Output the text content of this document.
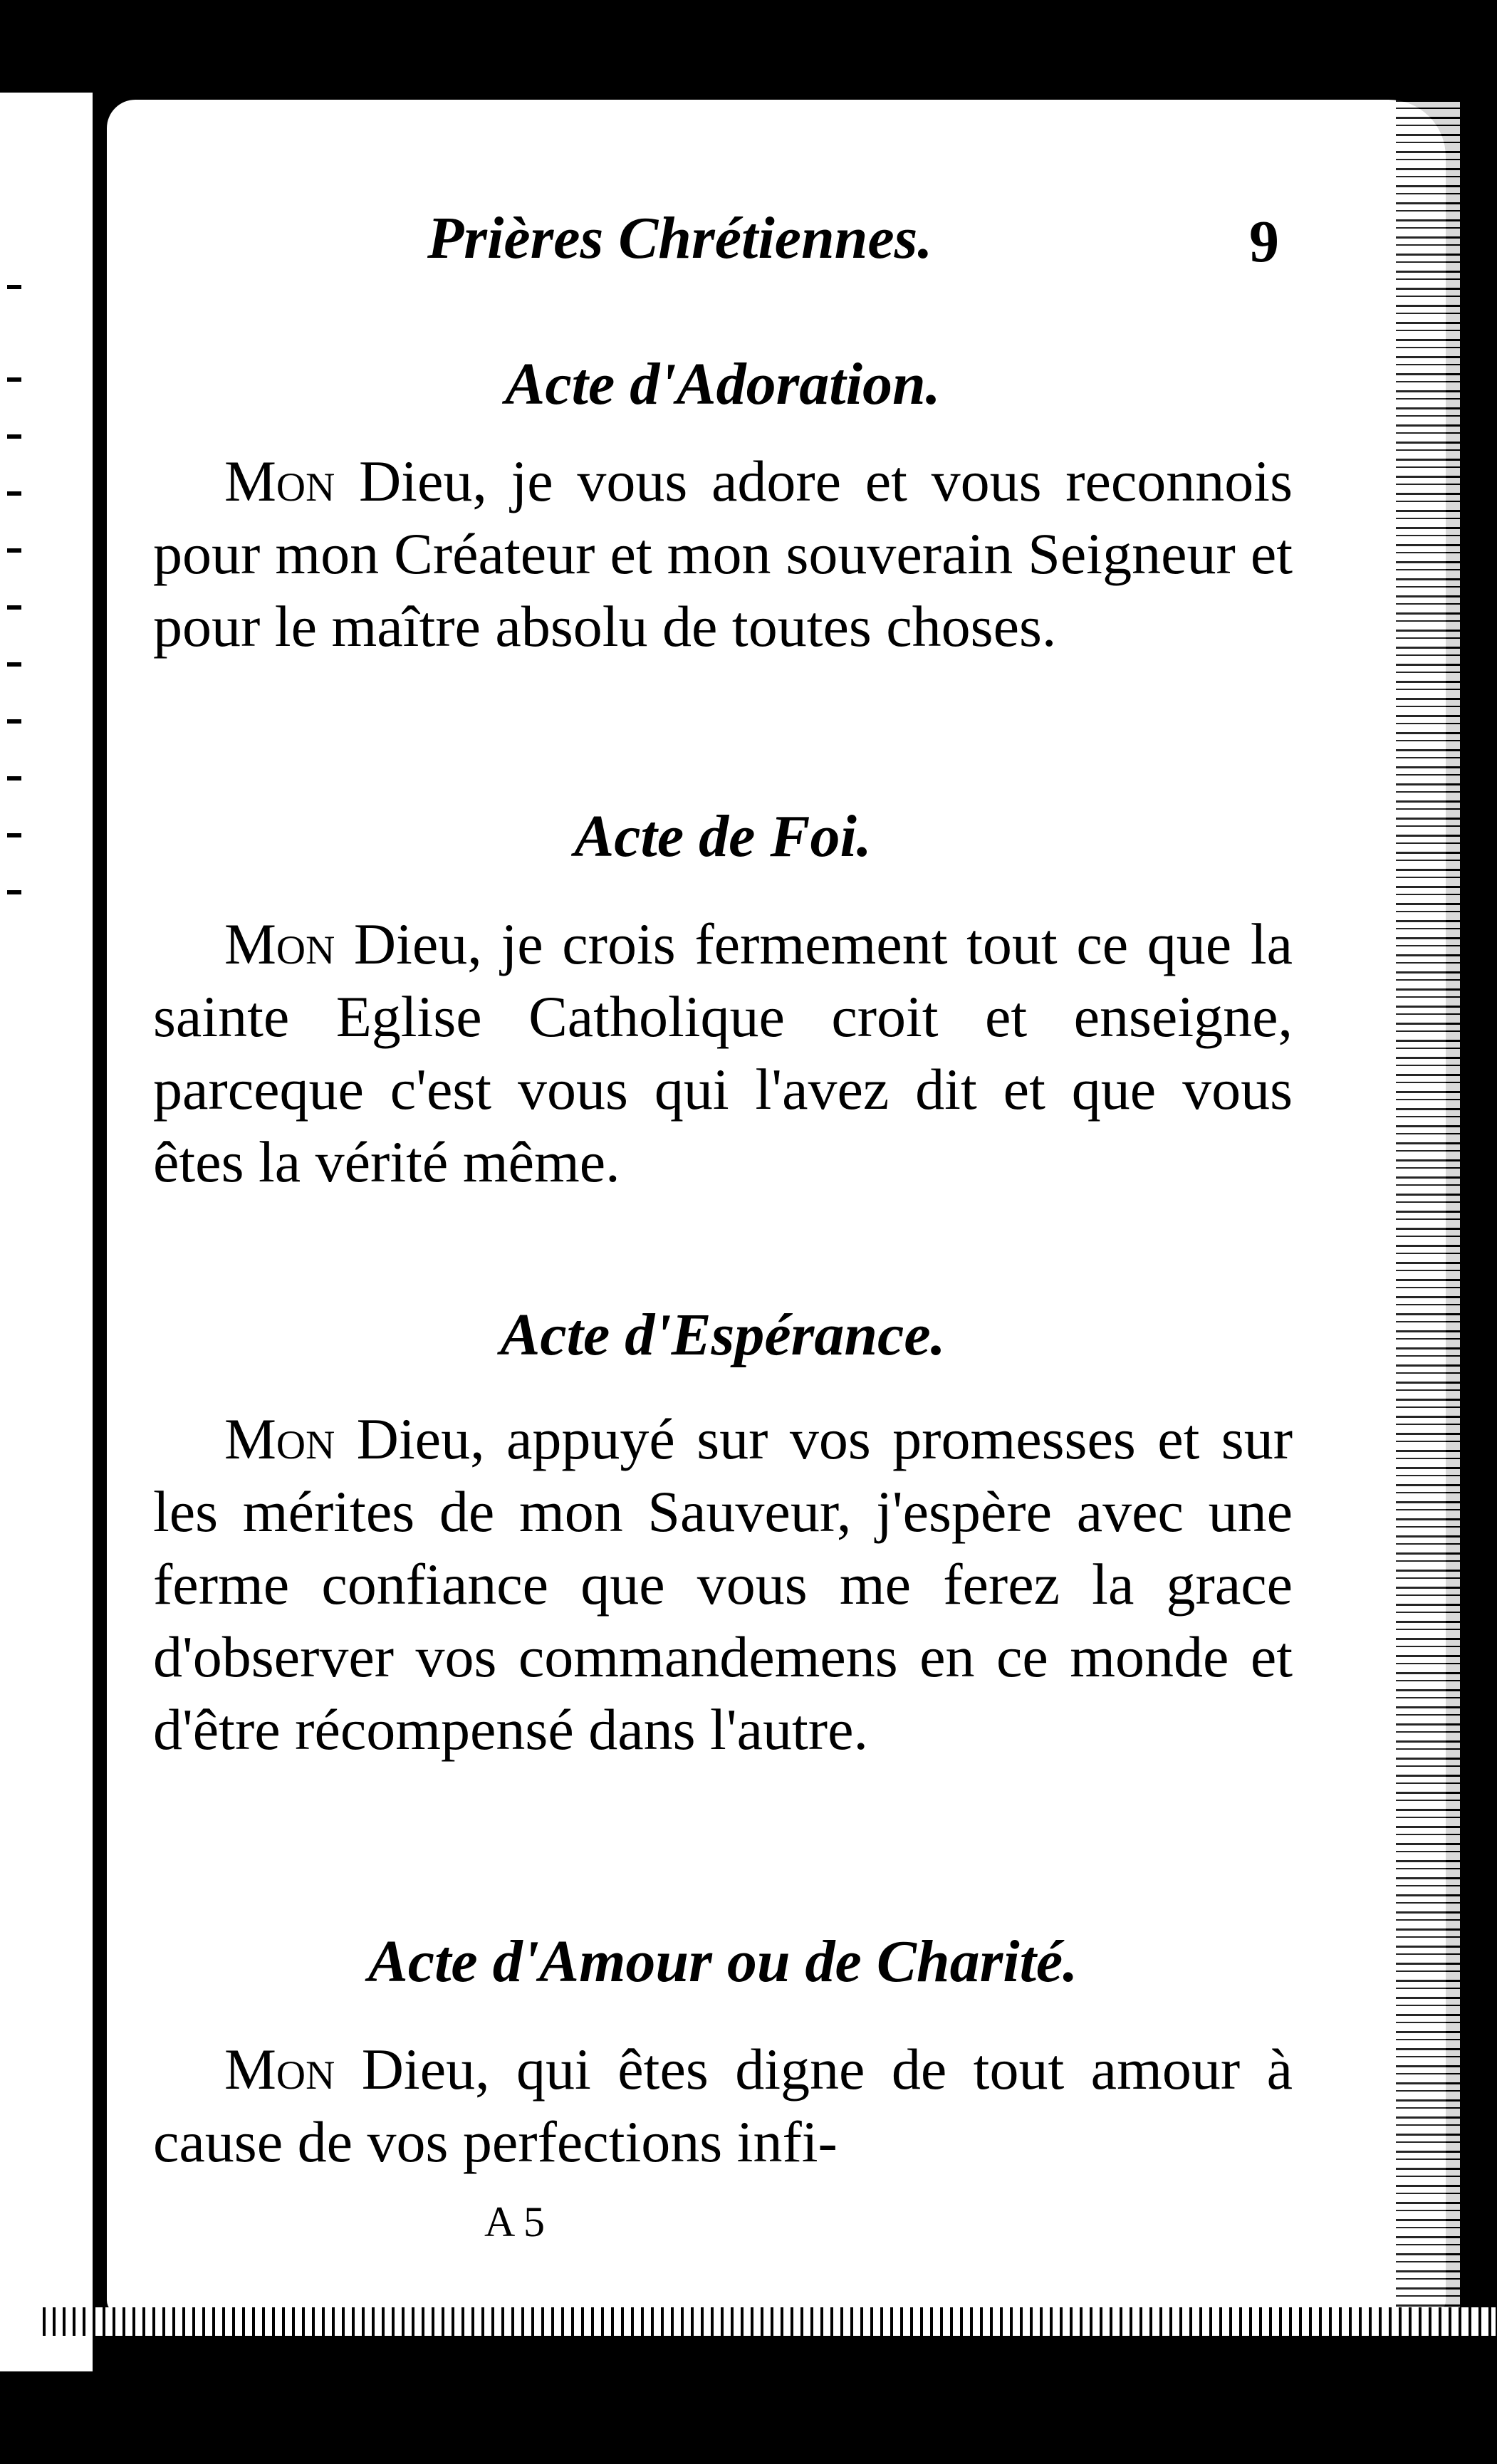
Prières Chrétiennes.	9
Acte d'Adoration.
Mon Dieu, je vous adore et vous reconnois pour mon Créateur et mon souverain Seigneur et pour le maître absolu de toutes choses.
Acte de Foi.
Mon Dieu, je crois fermement tout ce que la sainte Eglise Catholique croit et enseigne, parceque c'est vous qui l'avez dit et que vous êtes la vérité même.
Acte d'Espérance.
Mon Dieu, appuyé sur vos promesses et sur les mérites de mon Sauveur, j'espère avec une ferme confiance que vous me ferez la grace d'observer vos commandemens en ce monde et d'être récompensé dans l'autre.
Acte d'Amour ou de Charité.
Mon Dieu, qui êtes digne de tout amour à cause de vos perfections infi-
A 5
